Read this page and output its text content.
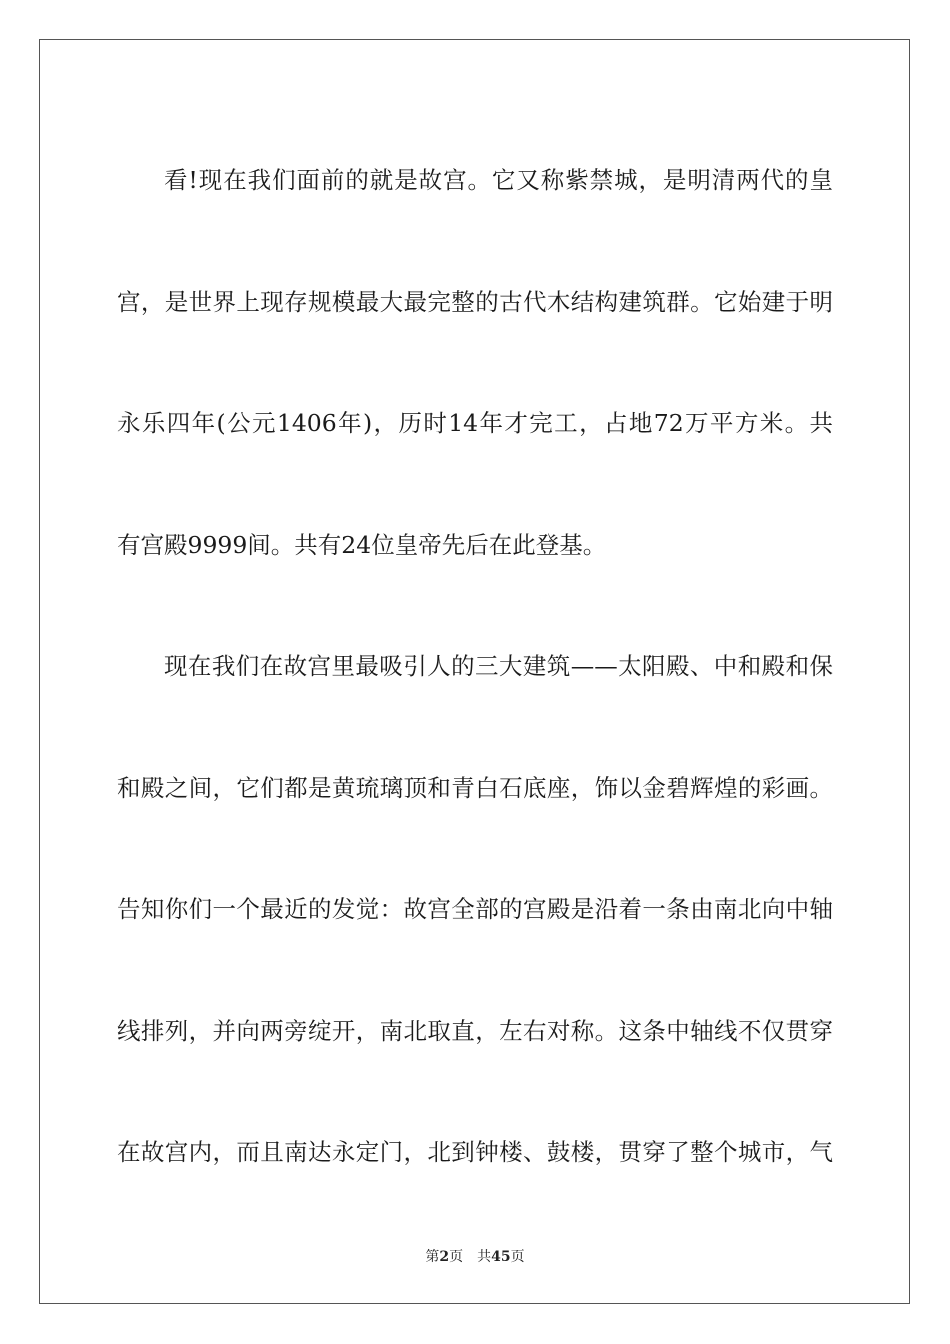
看!现在我们面前的就是故宫。它又称紫禁城，是明清两代的皇
宫，是世界上现存规模最大最完整的古代木结构建筑群。它始建于明
永乐四年(公元1406年)，历时14年才完工，占地72万平方米。共
有宫殿9999间。共有24位皇帝先后在此登基。
现在我们在故宫里最吸引人的三大建筑——太阳殿、中和殿和保
和殿之间，它们都是黄琉璃顶和青白石底座，饰以金碧辉煌的彩画。
告知你们一个最近的发觉：故宫全部的宫殿是沿着一条由南北向中轴
线排列，并向两旁绽开，南北取直，左右对称。这条中轴线不仅贯穿
在故宫内，而且南达永定门，北到钟楼、鼓楼，贯穿了整个城市，气
第2页 共45页
